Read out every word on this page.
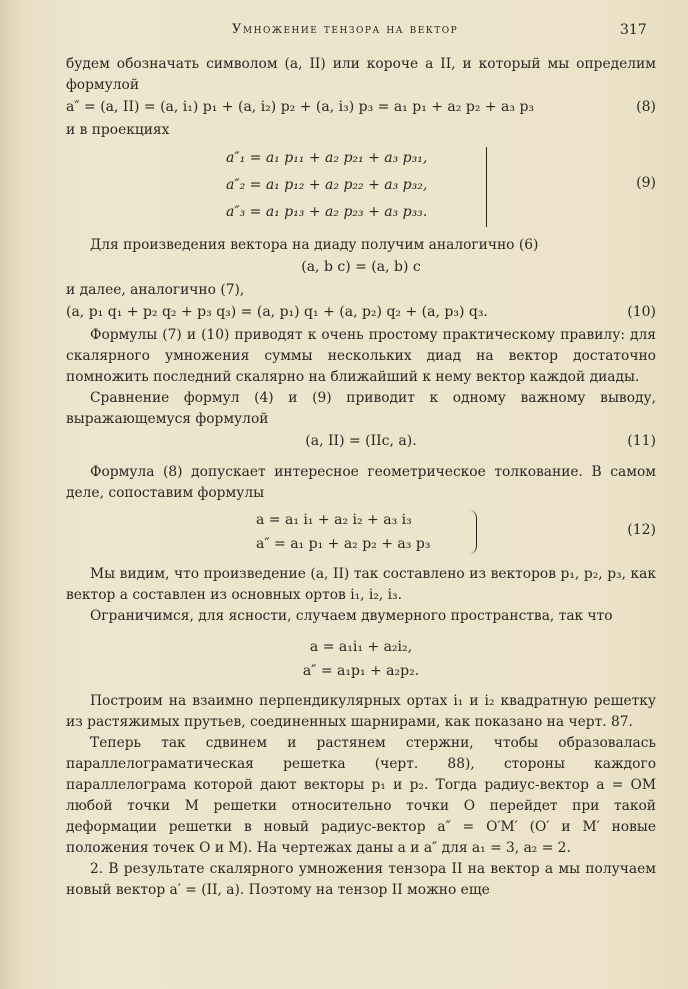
Умножение тензора на вектор	317

будем обозначать символом (a, II) или короче a II, и который мы определим формулой

a″ = (a, II) = (a, i₁) p₁ + (a, i₂) p₂ + (a, i₃) p₃ = a₁ p₁ + a₂ p₂ + a₃ p₃	(8)

и в проекциях

a″₁ = a₁ p₁₁ + a₂ p₂₁ + a₃ p₃₁,
a″₂ = a₁ p₁₂ + a₂ p₂₂ + a₃ p₃₂,
a″₃ = a₁ p₁₃ + a₂ p₂₃ + a₃ p₃₃.
(9)

Для произведения вектора на диаду получим аналогично (6)

(a, b c) = (a, b) c

и далее, аналогично (7),

(a, p₁ q₁ + p₂ q₂ + p₃ q₃) = (a, p₁) q₁ + (a, p₂) q₂ + (a, p₃) q₃.	(10)

Формулы (7) и (10) приводят к очень простому практическому правилу: для скалярного умножения суммы нескольких диад на вектор достаточно помножить последний скалярно на ближайший к нему вектор каждой диады.

Сравнение формул (4) и (9) приводит к одному важному выводу, выражающемуся формулой

(a, II) = (IIc, a).	(11)

Формула (8) допускает интересное геометрическое толкование. В самом деле, сопоставим формулы

a = a₁ i₁ + a₂ i₂ + a₃ i₃
a″ = a₁ p₁ + a₂ p₂ + a₃ p₃
(12)

Мы видим, что произведение (a, II) так составлено из векторов p₁, p₂, p₃, как вектор a составлен из основных ортов i₁, i₂, i₃.

Ограничимся, для ясности, случаем двумерного пространства, так что

a = a₁i₁ + a₂i₂,
a″ = a₁p₁ + a₂p₂.

Построим на взаимно перпендикулярных ортах i₁ и i₂ квадратную решетку из растяжимых прутьев, соединенных шарнирами, как показано на черт. 87.

Теперь так сдвинем и растянем стержни, чтобы образовалась параллелограматическая решетка (черт. 88), стороны каждого параллелограма которой дают векторы p₁ и p₂. Тогда радиус-вектор a = OM любой точки M решетки относительно точки O перейдет при такой деформации решетки в новый радиус-вектор a″ = O′M′ (O′ и M′ новые положения точек O и M). На чертежах даны a и a″ для a₁ = 3, a₂ = 2.

2. В результате скалярного умножения тензора II на вектор a мы получаем новый вектор a′ = (II, a). Поэтому на тензор II можно еще
